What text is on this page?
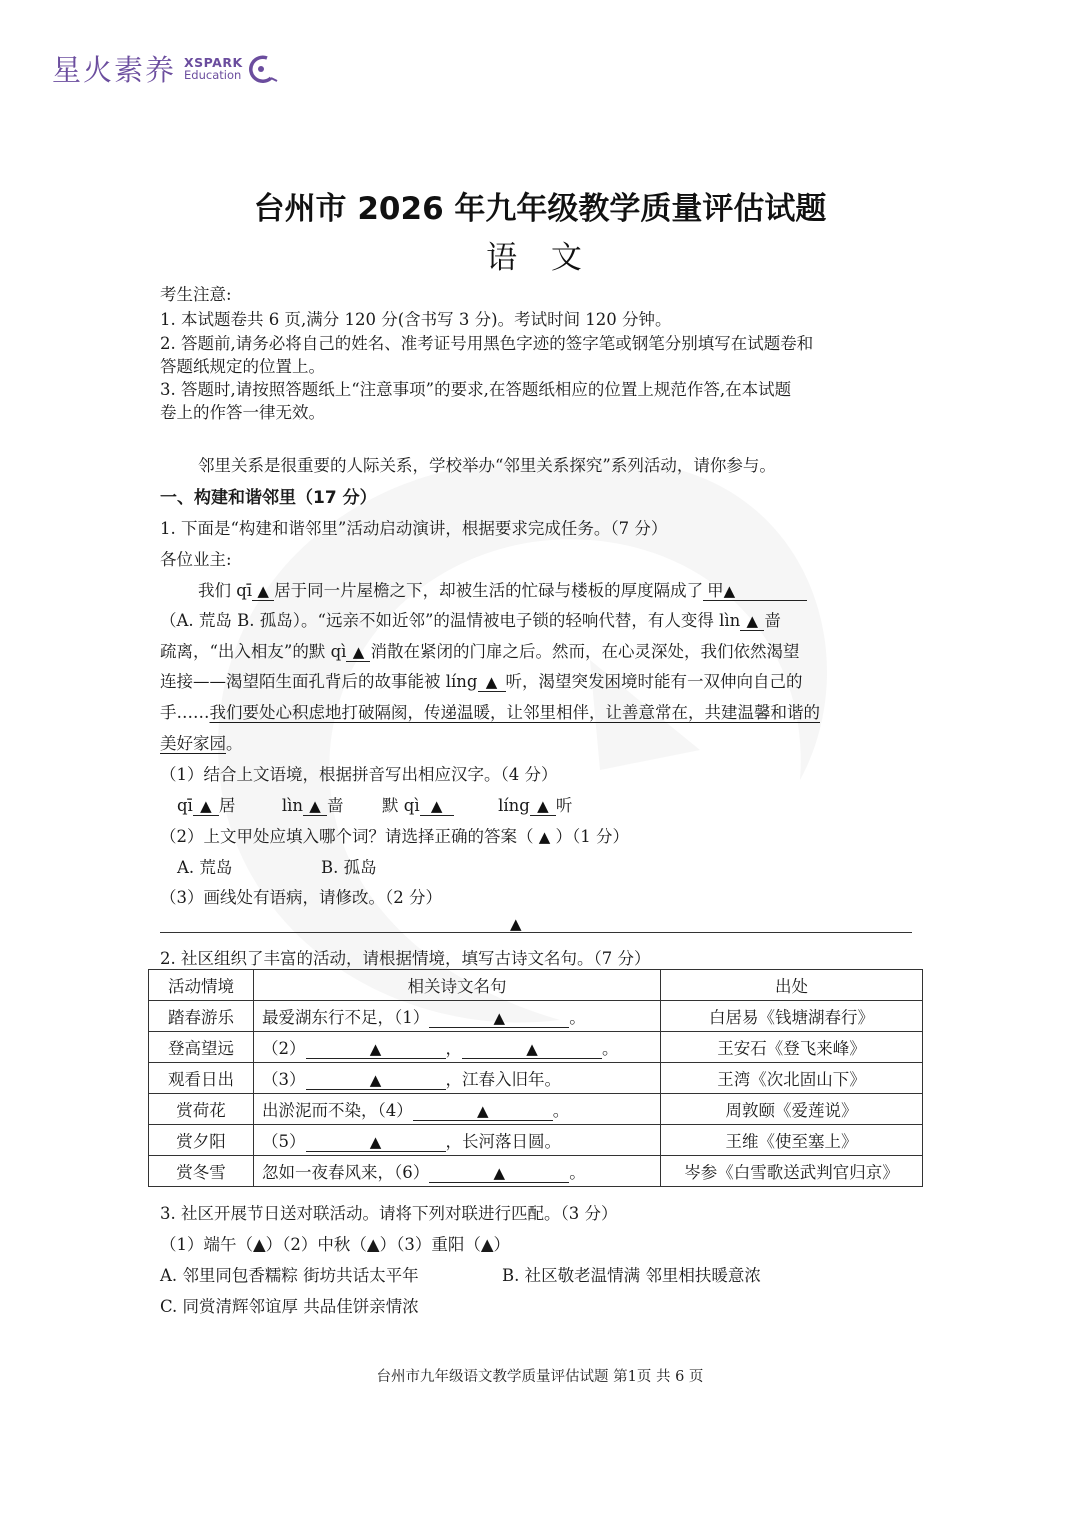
星火素养 XSPARK
Education
台州市 2026 年九年级教学质量评估试题
语 文
考生注意:
1. 本试题卷共 6 页,满分 120 分(含书写 3 分)。考试时间 120 分钟。
2. 答题前,请务必将自己的姓名、准考证号用黑色字迹的签字笔或钢笔分别填写在试题卷和
答题纸规定的位置上。
3. 答题时,请按照答题纸上“注意事项”的要求,在答题纸相应的位置上规范作答,在本试题
卷上的作答一律无效。
邻里关系是很重要的人际关系，学校举办“邻里关系探究”系列活动，请你参与。
一、构建和谐邻里（17 分）
1. 下面是“构建和谐邻里”活动启动演讲，根据要求完成任务。（7 分）
各位业主:
我们 qī ▲ 居于同一片屋檐之下，却被生活的忙碌与楼板的厚度隔成了 甲▲
（A. 荒岛 B. 孤岛）。“远亲不如近邻”的温情被电子锁的轻响代替，有人变得 lìn ▲ 啬
疏离，“出入相友”的默 qì ▲ 消散在紧闭的门扉之后。然而，在心灵深处，我们依然渴望
连接——渴望陌生面孔背后的故事能被 líng ▲ 听，渴望突发困境时能有一双伸向自己的
手……我们要处心积虑地打破隔阂，传递温暖，让邻里相伴，让善意常在，共建温馨和谐的
美好家园。
（1）结合上文语境，根据拼音写出相应汉字。（4 分）
qī ▲ 居	lìn ▲ 啬 默 qì ▲	líng ▲ 听
（2）上文甲处应填入哪个词？请选择正确的答案（ ▲ ）（1 分）
A. 荒岛	B. 孤岛
（3）画线处有语病，请修改。（2 分）
▲
2. 社区组织了丰富的活动，请根据情境，填写古诗文名句。（7 分）
活动情境	相关诗文名句	出处
踏春游乐	最爱湖东行不足，（1） ▲ 。	白居易《钱塘湖春行》
登高望远	（2） ▲ ， ▲ 。	王安石《登飞来峰》
观看日出	（3） ▲ ，江春入旧年。	王湾《次北固山下》
赏荷花	出淤泥而不染，（4） ▲ 。	周敦颐《爱莲说》
赏夕阳	（5） ▲ ，长河落日圆。	王维《使至塞上》
赏冬雪	忽如一夜春风来，（6） ▲ 。	岑参《白雪歌送武判官归京》
3. 社区开展节日送对联活动。请将下列对联进行匹配。（3 分）
（1）端午（▲）（2）中秋（▲）（3）重阳（▲）
A. 邻里同包香糯粽 街坊共话太平年	B. 社区敬老温情满 邻里相扶暖意浓
C. 同赏清辉邻谊厚 共品佳饼亲情浓
台州市九年级语文教学质量评估试题 第1页 共 6 页
